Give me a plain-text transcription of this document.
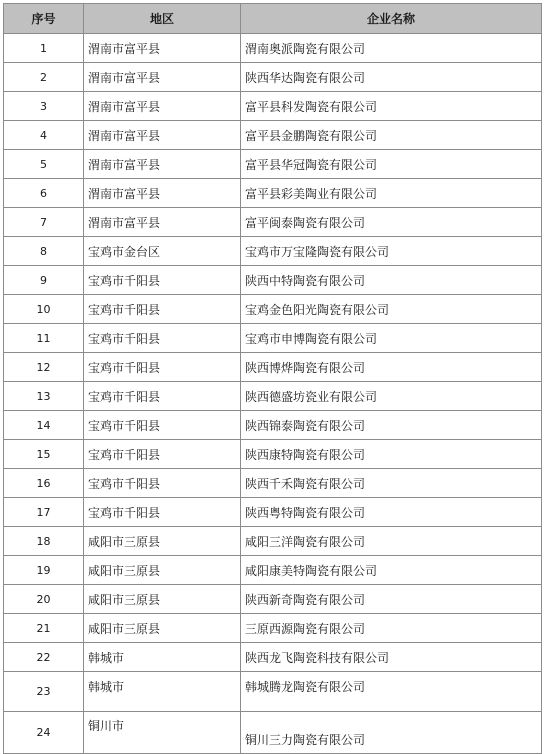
序号	地区	企业名称
1	渭南市富平县	渭南奥派陶瓷有限公司
2	渭南市富平县	陕西华达陶瓷有限公司
3	渭南市富平县	富平县科发陶瓷有限公司
4	渭南市富平县	富平县金鹏陶瓷有限公司
5	渭南市富平县	富平县华冠陶瓷有限公司
6	渭南市富平县	富平县彩美陶业有限公司
7	渭南市富平县	富平闽泰陶瓷有限公司
8	宝鸡市金台区	宝鸡市万宝隆陶瓷有限公司
9	宝鸡市千阳县	陕西中特陶瓷有限公司
10	宝鸡市千阳县	宝鸡金色阳光陶瓷有限公司
11	宝鸡市千阳县	宝鸡市申博陶瓷有限公司
12	宝鸡市千阳县	陕西博烨陶瓷有限公司
13	宝鸡市千阳县	陕西德盛坊瓷业有限公司
14	宝鸡市千阳县	陕西锦泰陶瓷有限公司
15	宝鸡市千阳县	陕西康特陶瓷有限公司
16	宝鸡市千阳县	陕西千禾陶瓷有限公司
17	宝鸡市千阳县	陕西粤特陶瓷有限公司
18	咸阳市三原县	咸阳三洋陶瓷有限公司
19	咸阳市三原县	咸阳康美特陶瓷有限公司
20	咸阳市三原县	陕西新奇陶瓷有限公司
21	咸阳市三原县	三原西源陶瓷有限公司
22	韩城市	陕西龙飞陶瓷科技有限公司
23	韩城市	韩城腾龙陶瓷有限公司
24	铜川市	铜川三力陶瓷有限公司
